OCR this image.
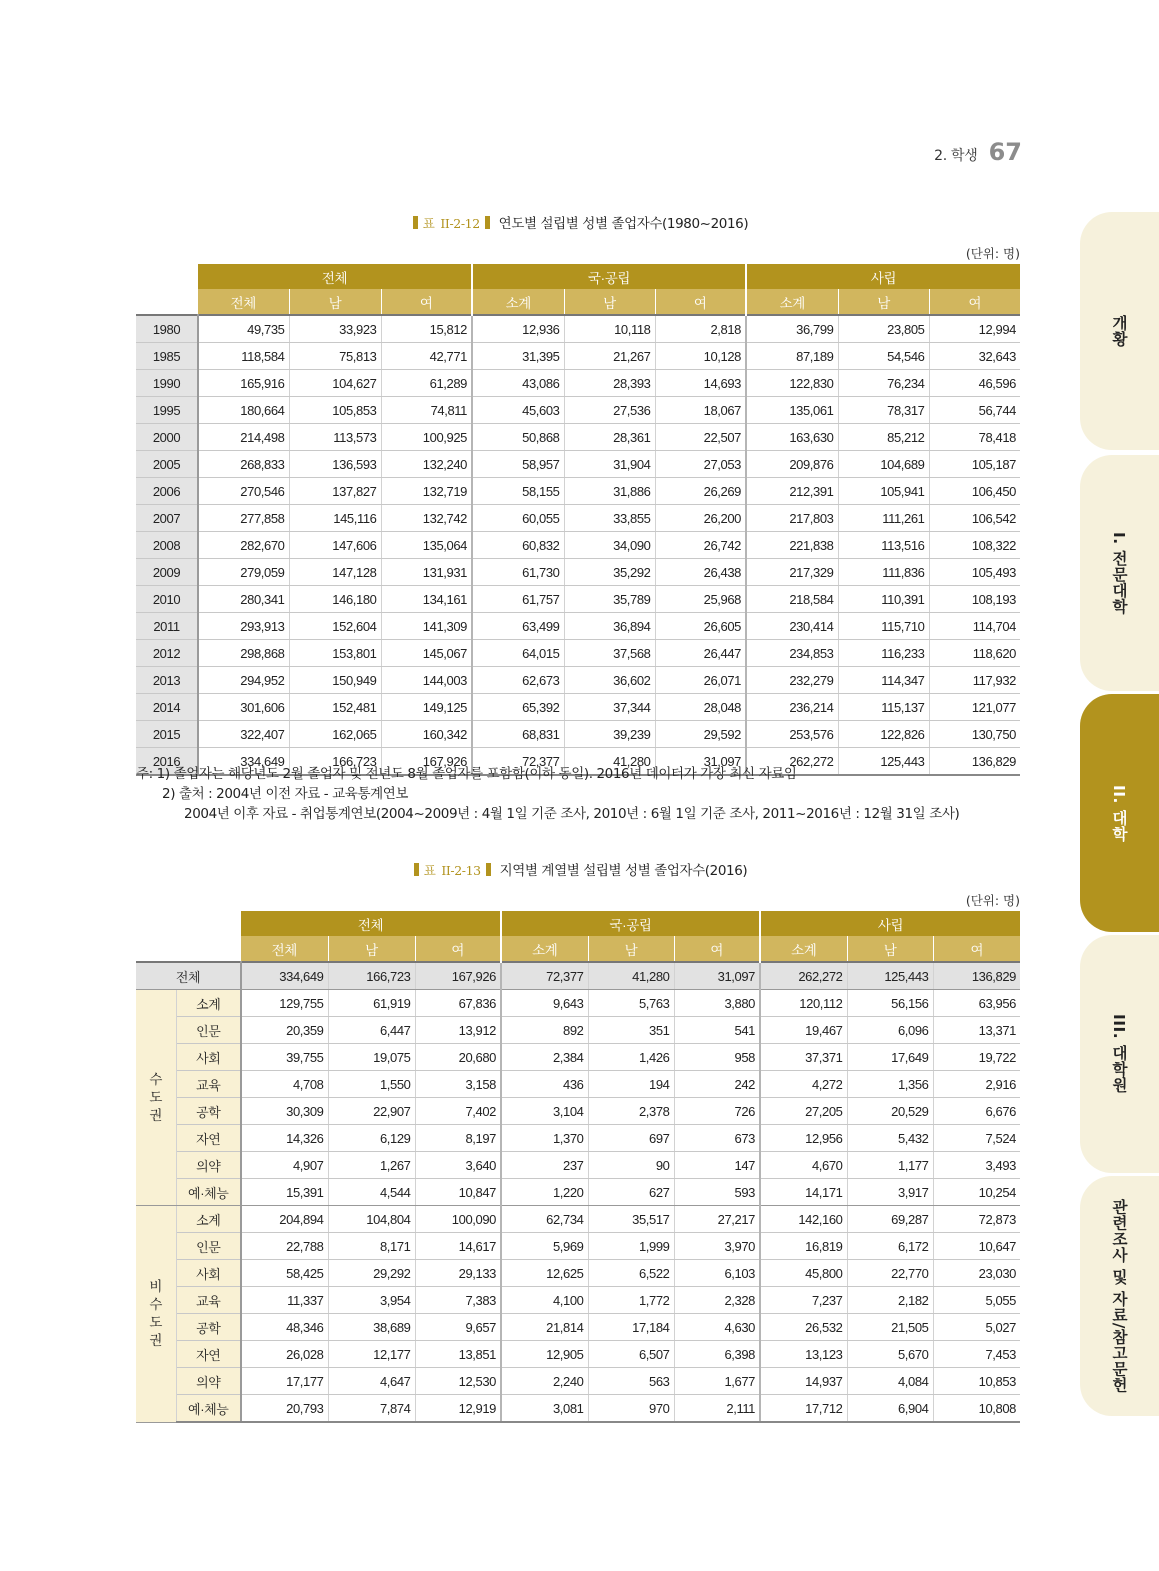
2. 학생 67
표 II-2-12 연도별 설립별 성별 졸업자수(1980~2016)
(단위: 명)
	전체			국·공립			사립		
	전체	남	여	소계	남	여	소계	남	여
1980	49,735	33,923	15,812	12,936	10,118	2,818	36,799	23,805	12,994
1985	118,584	75,813	42,771	31,395	21,267	10,128	87,189	54,546	32,643
1990	165,916	104,627	61,289	43,086	28,393	14,693	122,830	76,234	46,596
1995	180,664	105,853	74,811	45,603	27,536	18,067	135,061	78,317	56,744
2000	214,498	113,573	100,925	50,868	28,361	22,507	163,630	85,212	78,418
2005	268,833	136,593	132,240	58,957	31,904	27,053	209,876	104,689	105,187
2006	270,546	137,827	132,719	58,155	31,886	26,269	212,391	105,941	106,450
2007	277,858	145,116	132,742	60,055	33,855	26,200	217,803	111,261	106,542
2008	282,670	147,606	135,064	60,832	34,090	26,742	221,838	113,516	108,322
2009	279,059	147,128	131,931	61,730	35,292	26,438	217,329	111,836	105,493
2010	280,341	146,180	134,161	61,757	35,789	25,968	218,584	110,391	108,193
2011	293,913	152,604	141,309	63,499	36,894	26,605	230,414	115,710	114,704
2012	298,868	153,801	145,067	64,015	37,568	26,447	234,853	116,233	118,620
2013	294,952	150,949	144,003	62,673	36,602	26,071	232,279	114,347	117,932
2014	301,606	152,481	149,125	65,392	37,344	28,048	236,214	115,137	121,077
2015	322,407	162,065	160,342	68,831	39,239	29,592	253,576	122,826	130,750
2016	334,649	166,723	167,926	72,377	41,280	31,097	262,272	125,443	136,829
주: 1) 졸업자는 해당년도 2월 졸업자 및 전년도 8월 졸업자를 포함함(이하 동일). 2016년 데이터가 가장 최신 자료임
2) 출처 : 2004년 이전 자료 - 교육통계연보
2004년 이후 자료 - 취업통계연보(2004~2009년 : 4월 1일 기준 조사, 2010년 : 6월 1일 기준 조사, 2011~2016년 : 12월 31일 조사)
표 II-2-13 지역별 계열별 설립별 성별 졸업자수(2016)
(단위: 명)
		전체			국·공립			사립		
		전체	남	여	소계	남	여	소계	남	여
전체		334,649	166,723	167,926	72,377	41,280	31,097	262,272	125,443	136,829
수도권	소계	129,755	61,919	67,836	9,643	5,763	3,880	120,112	56,156	63,956
	인문	20,359	6,447	13,912	892	351	541	19,467	6,096	13,371
	사회	39,755	19,075	20,680	2,384	1,426	958	37,371	17,649	19,722
	교육	4,708	1,550	3,158	436	194	242	4,272	1,356	2,916
	공학	30,309	22,907	7,402	3,104	2,378	726	27,205	20,529	6,676
	자연	14,326	6,129	8,197	1,370	697	673	12,956	5,432	7,524
	의약	4,907	1,267	3,640	237	90	147	4,670	1,177	3,493
	예·체능	15,391	4,544	10,847	1,220	627	593	14,171	3,917	10,254
비수도권	소계	204,894	104,804	100,090	62,734	35,517	27,217	142,160	69,287	72,873
	인문	22,788	8,171	14,617	5,969	1,999	3,970	16,819	6,172	10,647
	사회	58,425	29,292	29,133	12,625	6,522	6,103	45,800	22,770	23,030
	교육	11,337	3,954	7,383	4,100	1,772	2,328	7,237	2,182	5,055
	공학	48,346	38,689	9,657	21,814	17,184	4,630	26,532	21,505	5,027
	자연	26,028	12,177	13,851	12,905	6,507	6,398	13,123	5,670	7,453
	의약	17,177	4,647	12,530	2,240	563	1,677	14,937	4,084	10,853
	예·체능	20,793	7,874	12,919	3,081	970	2,111	17,712	6,904	10,808
개황
I. 전문대학
II. 대학
III. 대학원
관련조사 및 자료/참고문헌
